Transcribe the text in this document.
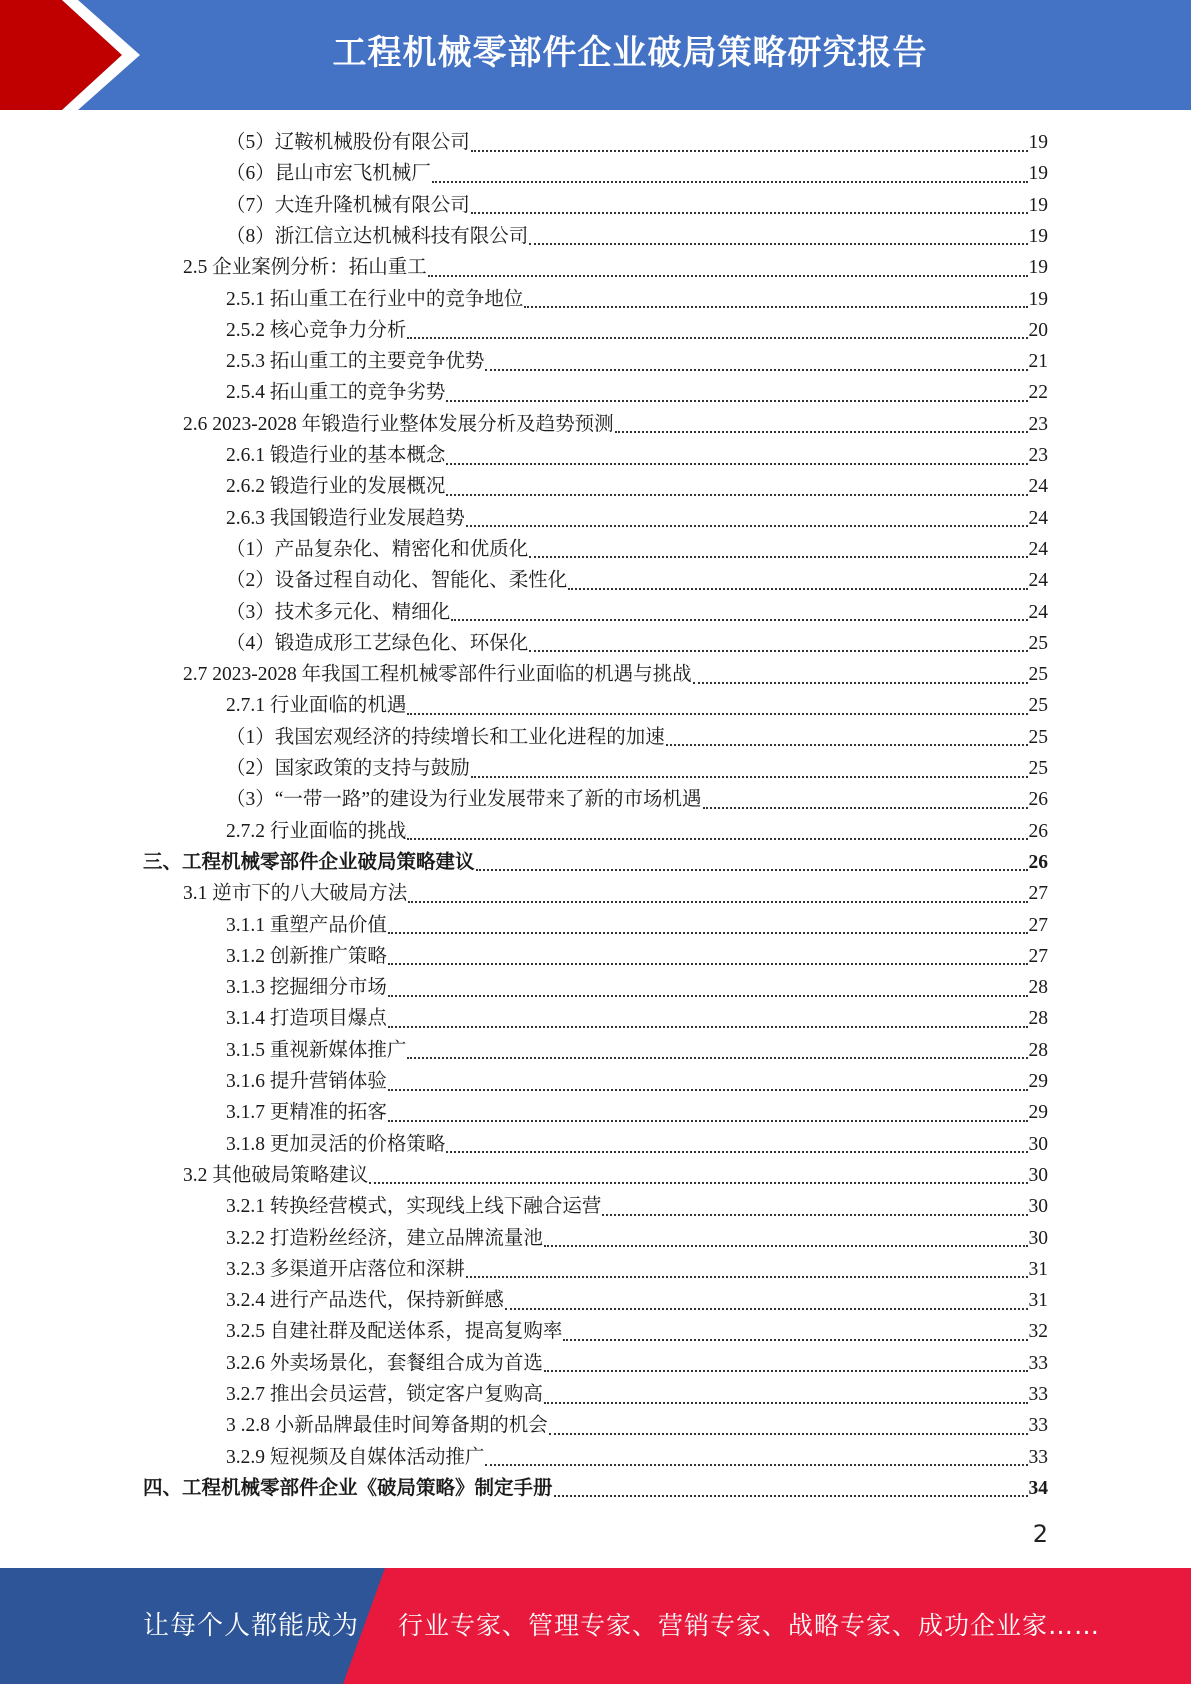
工程机械零部件企业破局策略研究报告
（5）辽鞍机械股份有限公司	19
（6）昆山市宏飞机械厂	19
（7）大连升隆机械有限公司	19
（8）浙江信立达机械科技有限公司	19
2.5 企业案例分析：拓山重工	19
2.5.1 拓山重工在行业中的竞争地位	19
2.5.2 核心竞争力分析	20
2.5.3 拓山重工的主要竞争优势	21
2.5.4 拓山重工的竞争劣势	22
2.6 2023-2028 年锻造行业整体发展分析及趋势预测	23
2.6.1 锻造行业的基本概念	23
2.6.2 锻造行业的发展概况	24
2.6.3 我国锻造行业发展趋势	24
（1）产品复杂化、精密化和优质化	24
（2）设备过程自动化、智能化、柔性化	24
（3）技术多元化、精细化	24
（4）锻造成形工艺绿色化、环保化	25
2.7 2023-2028 年我国工程机械零部件行业面临的机遇与挑战	25
2.7.1 行业面临的机遇	25
（1）我国宏观经济的持续增长和工业化进程的加速	25
（2）国家政策的支持与鼓励	25
（3）“一带一路”的建设为行业发展带来了新的市场机遇	26
2.7.2 行业面临的挑战	26
三、工程机械零部件企业破局策略建议	26
3.1 逆市下的八大破局方法	27
3.1.1 重塑产品价值	27
3.1.2 创新推广策略	27
3.1.3 挖掘细分市场	28
3.1.4 打造项目爆点	28
3.1.5 重视新媒体推广	28
3.1.6 提升营销体验	29
3.1.7 更精准的拓客	29
3.1.8 更加灵活的价格策略	30
3.2 其他破局策略建议	30
3.2.1 转换经营模式，实现线上线下融合运营	30
3.2.2 打造粉丝经济，建立品牌流量池	30
3.2.3 多渠道开店落位和深耕	31
3.2.4 进行产品迭代，保持新鲜感	31
3.2.5 自建社群及配送体系，提高复购率	32
3.2.6 外卖场景化，套餐组合成为首选	33
3.2.7 推出会员运营，锁定客户复购高	33
3 .2.8 小新品牌最佳时间筹备期的机会	33
3.2.9 短视频及自媒体活动推广	33
四、工程机械零部件企业《破局策略》制定手册	34
2
让每个人都能成为 行业专家、管理专家、营销专家、战略专家、成功企业家……
